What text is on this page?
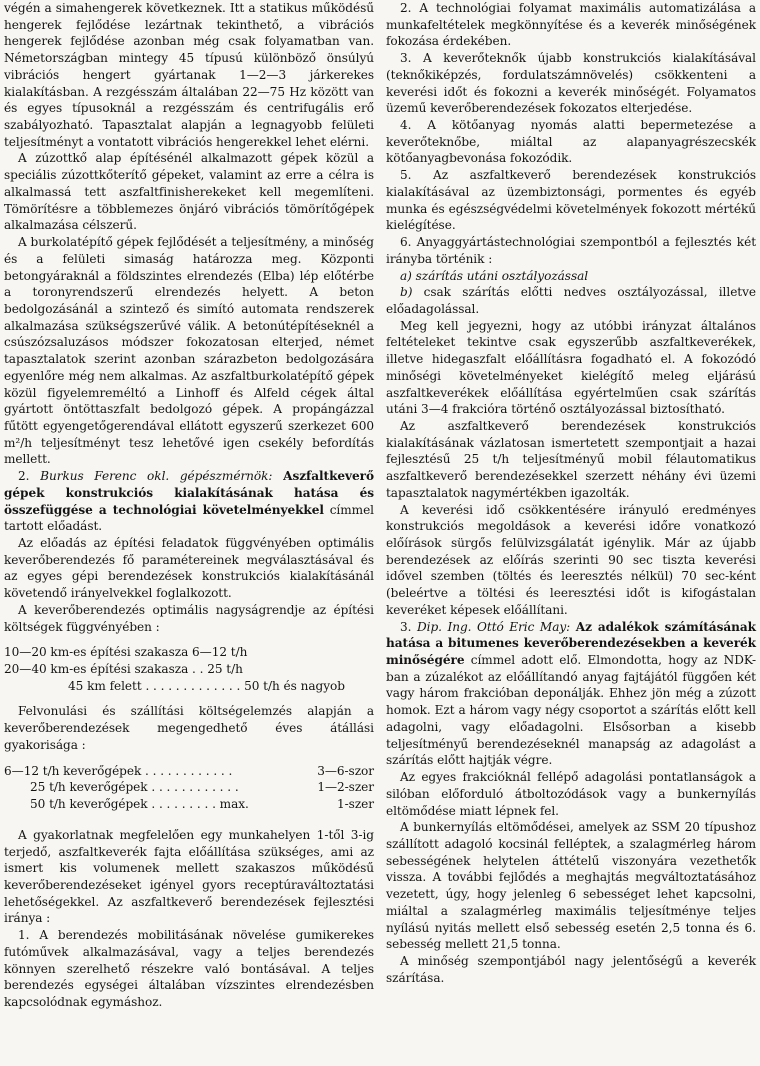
végén a simahengerek következnek. Itt a statikus működésű hengerek fejlődése lezártnak tekinthető, a vibrációs hengerek fejlődése azonban még csak folyamatban van. Németországban mintegy 45 típusú különböző önsúlyú vibrációs hengert gyártanak 1—2—3 járkerekes kialakításban. A rezgésszám általában 22—75 Hz között van és egyes típusoknál a rezgésszám és centrifugális erő szabályozható. Tapasztalat alapján a legnagyobb felületi teljesítményt a vontatott vibrációs hengerekkel lehet elérni.

A zúzottkő alap építésénél alkalmazott gépek közül a speciális zúzottkőterítő gépeket, valamint az erre a célra is alkalmassá tett aszfaltfinisherekeket kell megemlíteni. Tömörítésre a többlemezes önjáró vibrációs tömörítőgépek alkalmazása célszerű.

A burkolatépítő gépek fejlődését a teljesítmény, a minőség és a felületi simaság határozza meg. Központi betongyáraknál a földszintes elrendezés (Elba) lép előtérbe a toronyrendszerű elrendezés helyett. A beton bedolgozásánál a szintező és simító automata rendszerek alkalmazása szükségszerűvé válik. A betonútépítéseknél a csúszózsaluzásos módszer fokozatosan elterjed, német tapasztalatok szerint azonban szárazbeton bedolgozására egyenlőre még nem alkalmas. Az aszfaltburkolatépítő gépek közül figyelemreméltó a Linhoff és Alfeld cégek által gyártott öntöttaszfalt bedolgozó gépek. A propángázzal fűtött egyengetőgerendával ellátott egyszerű szerkezet 600 m²/h teljesítményt tesz lehetővé igen csekély befordítás mellett.

2. Burkus Ferenc okl. gépészmérnök: Aszfaltkeverő gépek konstrukciós kialakításának hatása és összefüggése a technológiai követelményekkel címmel tartott előadást.

Az előadás az építési feladatok függvényében optimális keverőberendezés fő paramétereinek megválasztásával és az egyes gépi berendezések konstrukciós kialakításánál követendő irányelvekkel foglalkozott.

A keverőberendezés optimális nagyságrendje az építési költségek függvényében :

10—20 km-es építési szakasza 6—12 t/h
20—40 km-es építési szakasza . . 25 t/h
45 km felett . . . . . . . . . . . . . 50 t/h és nagyob

Felvonulási és szállítási költségelemzés alapján a keverőberendezések megengedhető éves átállási gyakorisága :

6—12 t/h keverőgépek . . . . . . . . . . . .	3—6-szor
25 t/h keverőgépek . . . . . . . . . . . .	1—2-szer
50 t/h keverőgépek . . . . . . . . . max.	1-szer

A gyakorlatnak megfelelően egy munkahelyen 1-től 3-ig terjedő, aszfaltkeverék fajta előállítása szükséges, ami az ismert kis volumenek mellett szakaszos működésű keverőberendezéseket igényel gyors receptúraváltoztatási lehetőségekkel. Az aszfaltkeverő berendezések fejlesztési iránya :

1. A berendezés mobilitásának növelése gumikerekes futóművek alkalmazásával, vagy a teljes berendezés könnyen szerelhető részekre való bontásával. A teljes berendezés egységei általában vízszintes elrendezésben kapcsolódnak egymáshoz.

2. A technológiai folyamat maximális automatizálása a munkafeltételek megkönnyítése és a keverék minőségének fokozása érdekében.

3. A keverőteknők újabb konstrukciós kialakításával (teknőkiképzés, fordulatszámnövelés) csökkenteni a keverési időt és fokozni a keverék minőségét. Folyamatos üzemű keverőberendezések fokozatos elterjedése.

4. A kötőanyag nyomás alatti bepermetezése a keverőteknőbe, miáltal az alapanyagrészecskék kötőanyagbevonása fokozódik.

5. Az aszfaltkeverő berendezések konstrukciós kialakításával az üzembiztonsági, pormentes és egyéb munka és egészségvédelmi követelmények fokozott mértékű kielégítése.

6. Anyaggyártástechnológiai szempontból a fejlesztés két irányba történik :

a) szárítás utáni osztályozással

b) csak szárítás előtti nedves osztályozással, illetve előadagolással.

Meg kell jegyezni, hogy az utóbbi irányzat általános feltételeket tekintve csak egyszerűbb aszfaltkeverékek, illetve hidegaszfalt előállításra fogadható el. A fokozódó minőségi követelményeket kielégítő meleg eljárású aszfaltkeverékek előállítása egyértelműen csak szárítás utáni 3—4 frakcióra történő osztályozással biztosítható.

Az aszfaltkeverő berendezések konstrukciós kialakításának vázlatosan ismertetett szempontjait a hazai fejlesztésű 25 t/h teljesítményű mobil félautomatikus aszfaltkeverő berendezésekkel szerzett néhány évi üzemi tapasztalatok nagymértékben igazolták.

A keverési idő csökkentésére irányuló eredményes konstrukciós megoldások a keverési időre vonatkozó előírások sürgős felülvizsgálatát igénylik. Már az újabb berendezések az előírás szerinti 90 sec tiszta keverési idővel szemben (töltés és leeresztés nélkül) 70 sec-ként (beleértve a töltési és leeresztési időt is kifogástalan keveréket képesek előállítani.

3. Dip. Ing. Ottó Eric May: Az adalékok számításának hatása a bitumenes keverőberendezésekben a keverék minőségére címmel adott elő. Elmondotta, hogy az NDK-ban a zúzalékot az előállítandó anyag fajtájától függően két vagy három frakcióban deponálják. Ehhez jön még a zúzott homok. Ezt a három vagy négy csoportot a szárítás előtt kell adagolni, vagy előadagolni. Elsősorban a kisebb teljesítményű berendezéseknél manapság az adagolást a szárítás előtt hajtják végre.

Az egyes frakcióknál fellépő adagolási pontatlanságok a silóban előforduló átboltozódások vagy a bunkernyílás eltömődése miatt lépnek fel.

A bunkernyílás eltömődései, amelyek az SSM 20 típushoz szállított adagoló kocsinál felléptek, a szalagmérleg három sebességének helytelen áttételű viszonyára vezethetők vissza. A további fejlődés a meghajtás megváltoztatásához vezetett, úgy, hogy jelenleg 6 sebességet lehet kapcsolni, miáltal a szalagmérleg maximális teljesítménye teljes nyílású nyitás mellett első sebesség esetén 2,5 tonna és 6. sebesség mellett 21,5 tonna.

A minőség szempontjából nagy jelentőségű a keverék szárítása.
